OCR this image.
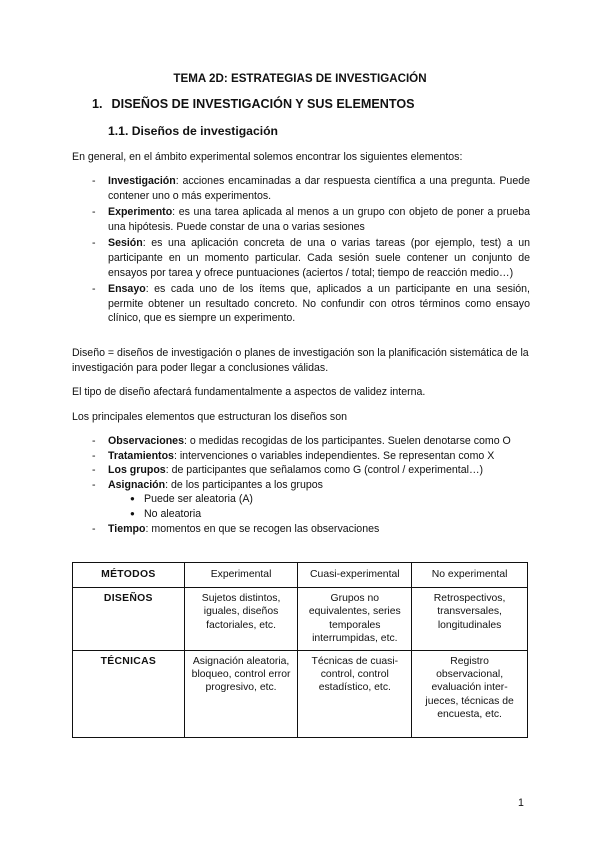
TEMA 2D: ESTRATEGIAS DE INVESTIGACIÓN
1. DISEÑOS DE INVESTIGACIÓN Y SUS ELEMENTOS
1.1. Diseños de investigación
En general, en el ámbito experimental solemos encontrar los siguientes elementos:
- Investigación: acciones encaminadas a dar respuesta científica a una pregunta. Puede contener uno o más experimentos.
- Experimento: es una tarea aplicada al menos a un grupo con objeto de poner a prueba una hipótesis. Puede constar de una o varias sesiones
- Sesión: es una aplicación concreta de una o varias tareas (por ejemplo, test) a un participante en un momento particular. Cada sesión suele contener un conjunto de ensayos por tarea y ofrece puntuaciones (aciertos / total; tiempo de reacción medio…)
- Ensayo: es cada uno de los ítems que, aplicados a un participante en una sesión, permite obtener un resultado concreto. No confundir con otros términos como ensayo clínico, que es siempre un experimento.
Diseño = diseños de investigación o planes de investigación son la planificación sistemática de la investigación para poder llegar a conclusiones válidas.
El tipo de diseño afectará fundamentalmente a aspectos de validez interna.
Los principales elementos que estructuran los diseños son
- Observaciones: o medidas recogidas de los participantes. Suelen denotarse como O
- Tratamientos: intervenciones o variables independientes. Se representan como X
- Los grupos: de participantes que señalamos como G (control / experimental…)
- Asignación: de los participantes a los grupos
● Puede ser aleatoria (A)
● No aleatoria
- Tiempo: momentos en que se recogen las observaciones
MÉTODOS	Experimental	Cuasi-experimental	No experimental
DISEÑOS	Sujetos distintos, iguales, diseños factoriales, etc.	Grupos no equivalentes, series temporales interrumpidas, etc.	Retrospectivos, transversales, longitudinales
TÉCNICAS	Asignación aleatoria, bloqueo, control error progresivo, etc.	Técnicas de cuasi-control, control estadístico, etc.	Registro observacional, evaluación inter-jueces, técnicas de encuesta, etc.
1
